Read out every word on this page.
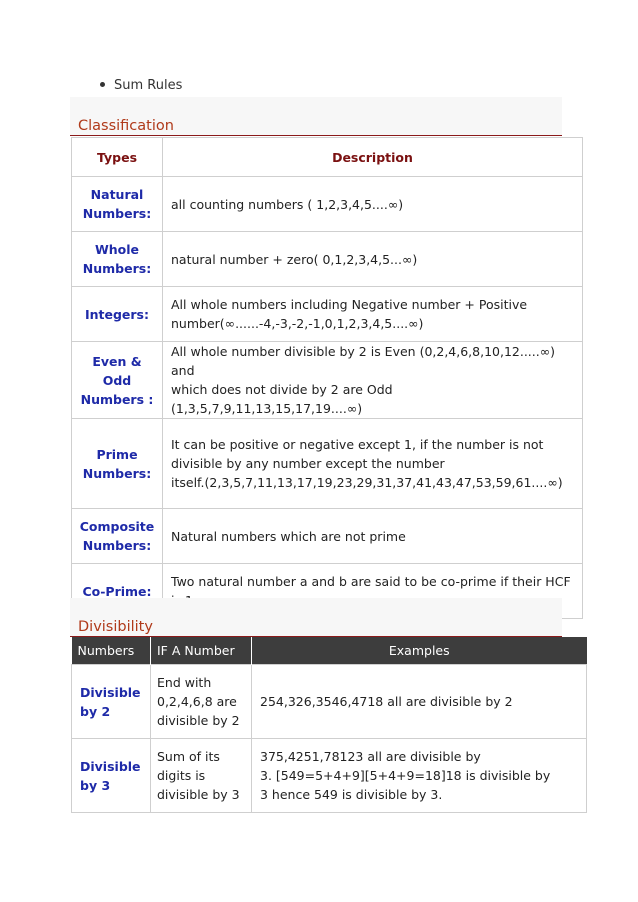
Sum Rules
Classification
Types	Description
Natural
Numbers:	all counting numbers ( 1,2,3,4,5....∞)
Whole
Numbers:	natural number + zero( 0,1,2,3,4,5...∞)
Integers:	All whole numbers including Negative number + Positive
number(∞......-4,-3,-2,-1,0,1,2,3,4,5....∞)
Even &
Odd
Numbers :	All whole number divisible by 2 is Even (0,2,4,6,8,10,12.....∞) and
which does not divide by 2 are Odd (1,3,5,7,9,11,13,15,17,19....∞)
Prime
Numbers:	It can be positive or negative except 1, if the number is not
divisible by any number except the number
itself.(2,3,5,7,11,13,17,19,23,29,31,37,41,43,47,53,59,61....∞)
Composite
Numbers:	Natural numbers which are not prime
Co-Prime:	Two natural number a and b are said to be co-prime if their HCF

Divisibility
Numbers	IF A Number	Examples
Divisible
by 2	End with
0,2,4,6,8 are
divisible by 2	254,326,3546,4718 all are divisible by 2
Divisible
by 3	Sum of its
digits is
divisible by 3	375,4251,78123 all are divisible by
3. [549=5+4+9][5+4+9=18]18 is divisible by
3 hence 549 is divisible by 3.
